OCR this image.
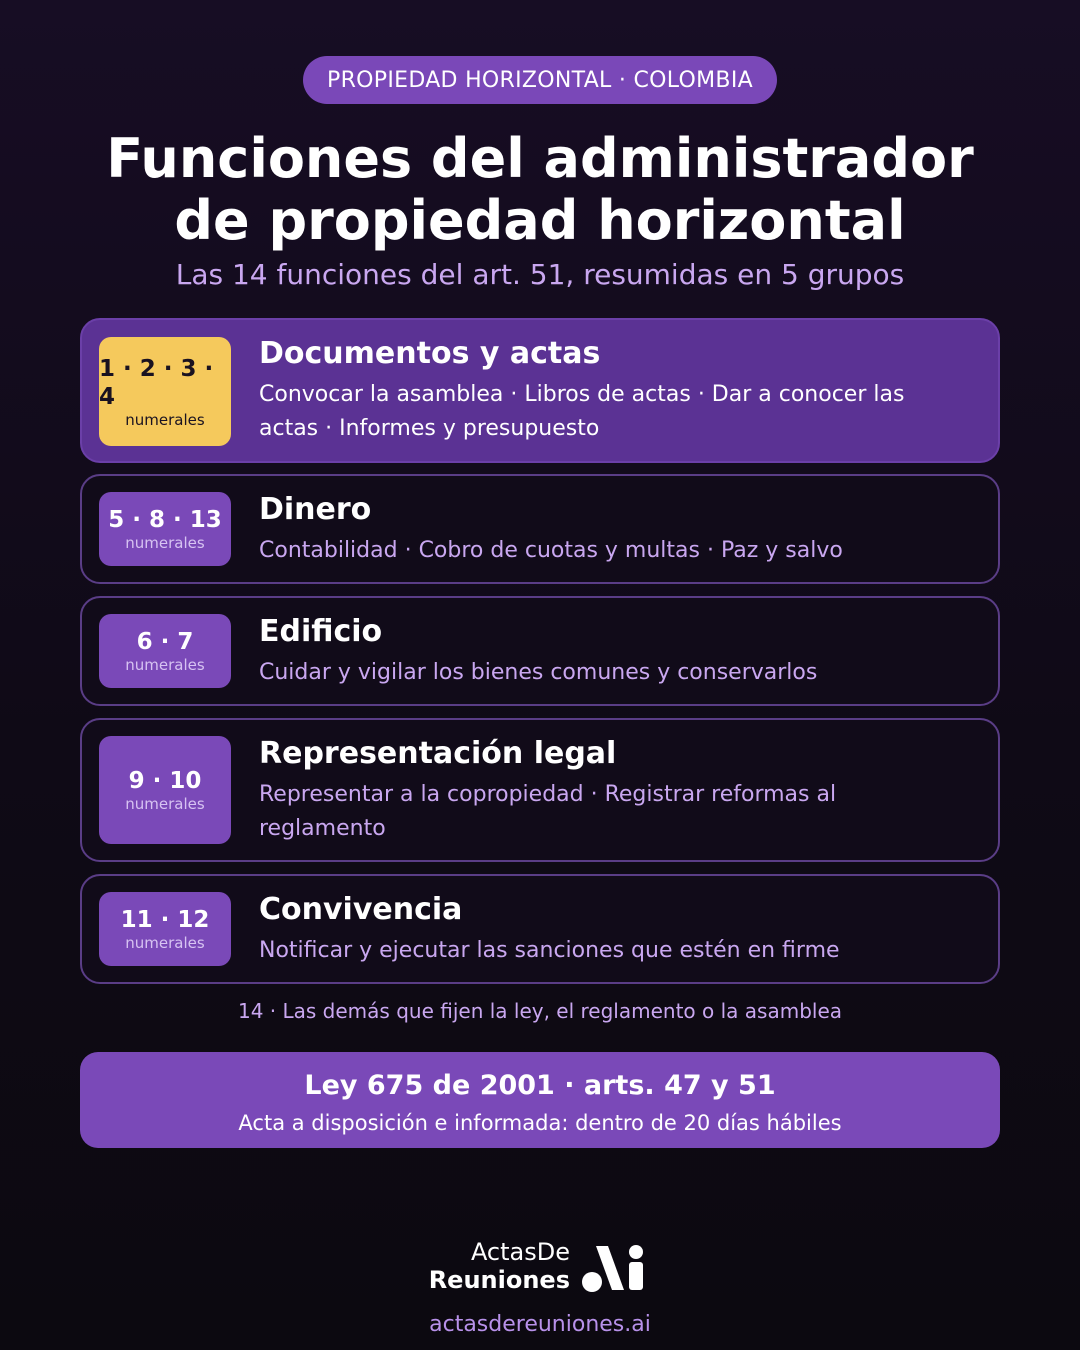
PROPIEDAD HORIZONTAL · COLOMBIA
Funciones del administrador
de propiedad horizontal
Las 14 funciones del art. 51, resumidas en 5 grupos
1 · 2 · 3 · 4
numerales
Documentos y actas
Convocar la asamblea · Libros de actas · Dar a conocer las actas · Informes y presupuesto
5 · 8 · 13
numerales
Dinero
Contabilidad · Cobro de cuotas y multas · Paz y salvo
6 · 7
numerales
Edificio
Cuidar y vigilar los bienes comunes y conservarlos
9 · 10
numerales
Representación legal
Representar a la copropiedad · Registrar reformas al reglamento
11 · 12
numerales
Convivencia
Notificar y ejecutar las sanciones que estén en firme
14 · Las demás que fijen la ley, el reglamento o la asamblea
Ley 675 de 2001 · arts. 47 y 51
Acta a disposición e informada: dentro de 20 días hábiles
ActasDe
Reuniones
actasdereuniones.ai
